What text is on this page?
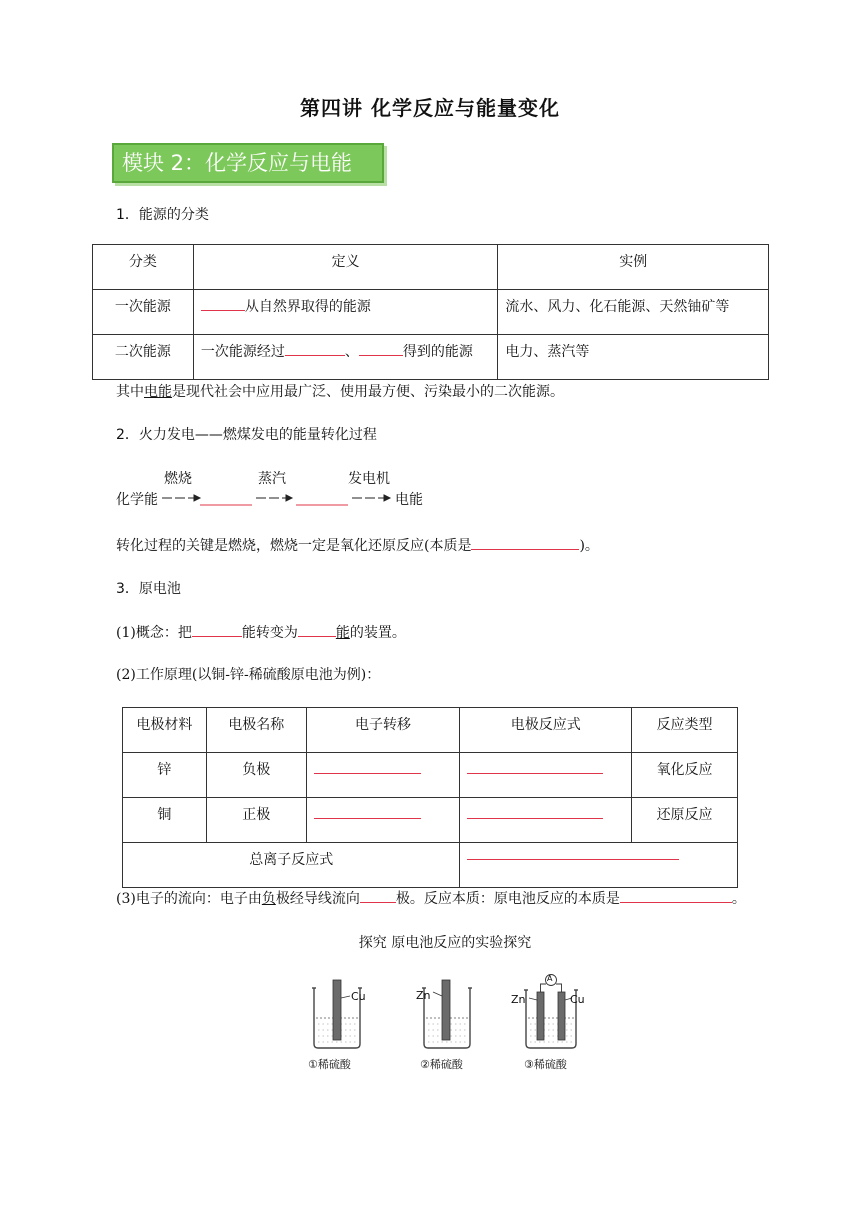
第四讲 化学反应与能量变化
模块 2：化学反应与电能
1．能源的分类
分类	定义	实例
一次能源	从自然界取得的能源	流水、风力、化石能源、天然铀矿等
二次能源	一次能源经过 、 得到的能源	电力、蒸汽等
其中电能是现代社会中应用最广泛、使用最方便、污染最小的二次能源。
2．火力发电——燃煤发电的能量转化过程
燃烧	蒸汽	发电机
化学能	电能
转化过程的关键是燃烧，燃烧一定是氧化还原反应(本质是	)。
3．原电池
(1)概念：把	能转变为	能的装置。
(2)工作原理(以铜-锌-稀硫酸原电池为例)：
电极材料	电极名称	电子转移	电极反应式	反应类型
锌	负极			氧化反应
铜	正极			还原反应
总离子反应式				
(3)电子的流向：电子由负极经导线流向	极。反应本质：原电池反应的本质是	。
探究 原电池反应的实验探究
Cu
①稀硫酸
Zn
②稀硫酸
A
Zn	Cu
③稀硫酸
